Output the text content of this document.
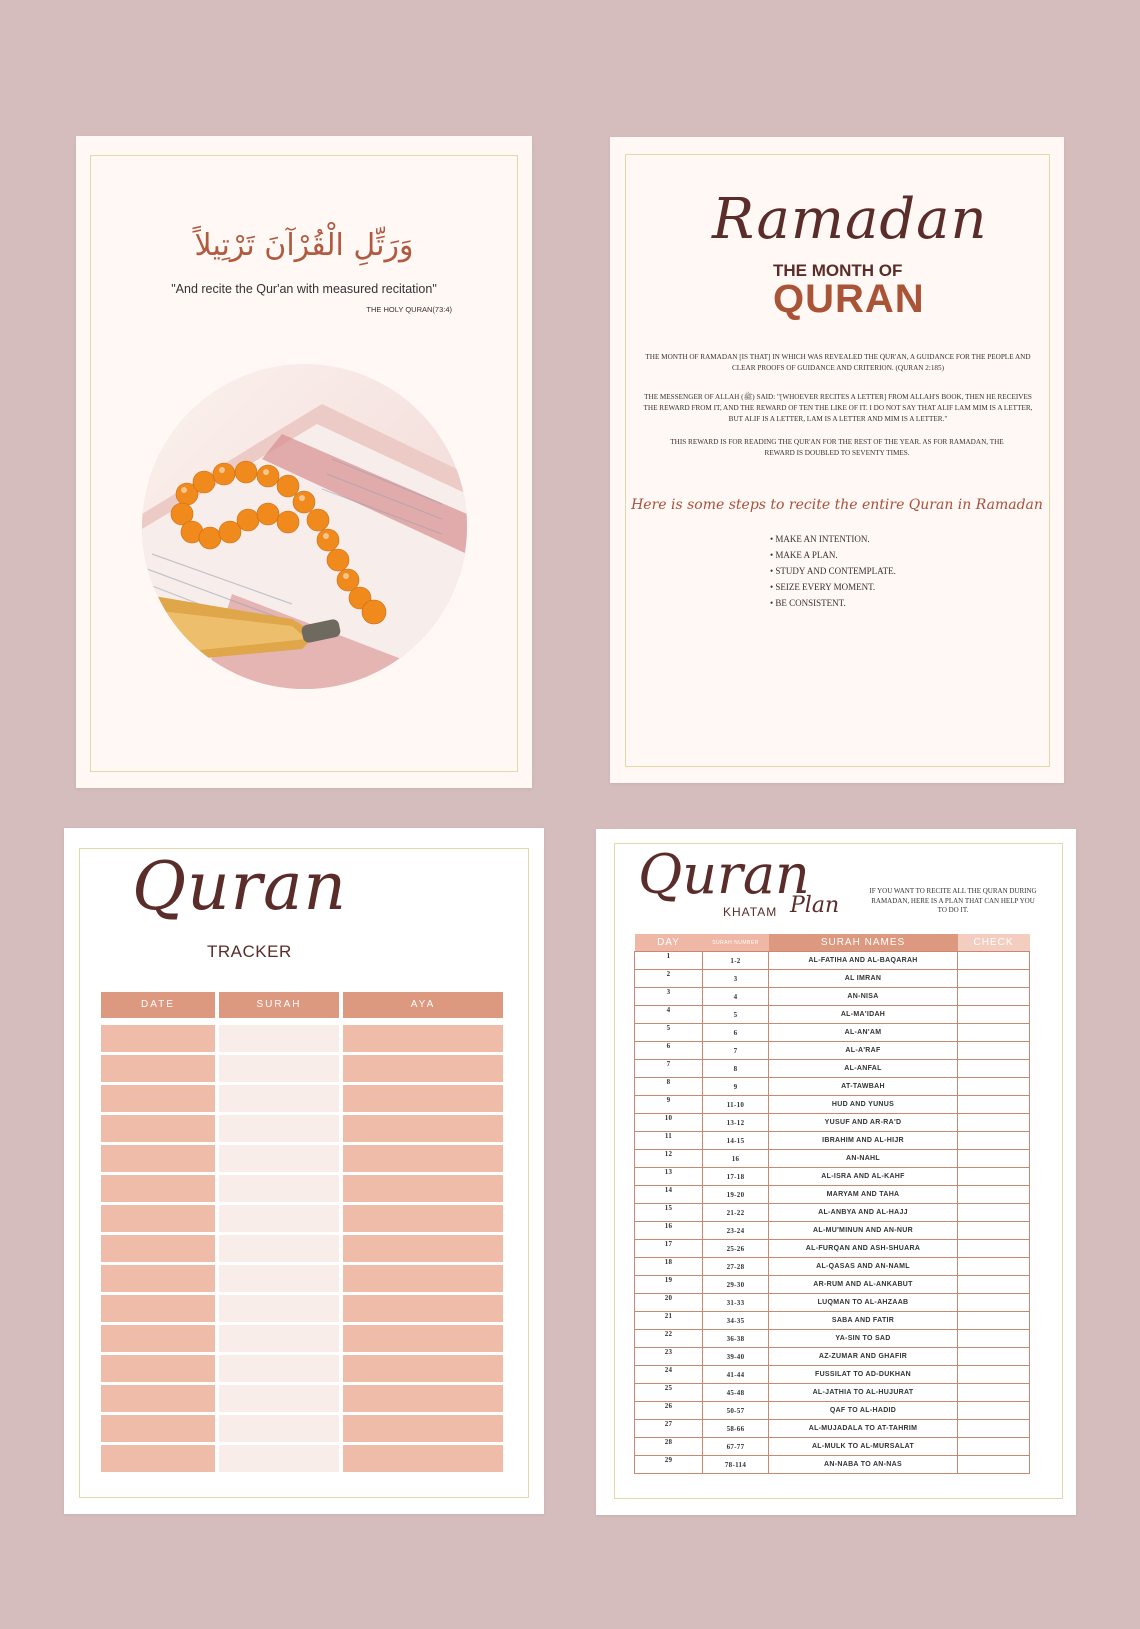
وَرَتِّلِ الْقُرْآنَ تَرْتِيلاً
"And recite the Qur'an with measured recitation"
THE HOLY QURAN(73:4)
Ramadan
THE MONTH OF
QURAN
THE MONTH OF RAMADAN [IS THAT] IN WHICH WAS REVEALED THE QUR'AN, A GUIDANCE FOR THE PEOPLE AND CLEAR PROOFS OF GUIDANCE AND CRITERION. (QURAN 2:185)
THE MESSENGER OF ALLAH (ﷺ) SAID: "[WHOEVER RECITES A LETTER] FROM ALLAH'S BOOK, THEN HE RECEIVES THE REWARD FROM IT, AND THE REWARD OF TEN THE LIKE OF IT. I DO NOT SAY THAT ALIF LAM MIM IS A LETTER, BUT ALIF IS A LETTER, LAM IS A LETTER AND MIM IS A LETTER."
THIS REWARD IS FOR READING THE QUR'AN FOR THE REST OF THE YEAR. AS FOR RAMADAN, THE REWARD IS DOUBLED TO SEVENTY TIMES.
Here is some steps to recite the entire Quran in Ramadan
• MAKE AN INTENTION.
• MAKE A PLAN.
• STUDY AND CONTEMPLATE.
• SEIZE EVERY MOMENT.
• BE CONSISTENT.
Quran
TRACKER
DATE	SURAH	AYA
Quran
KHATAM Plan
IF YOU WANT TO RECITE ALL THE QURAN DURING RAMADAN, HERE IS A PLAN THAT CAN HELP YOU TO DO IT.
DAY	SURAH NUMBER	SURAH NAMES	CHECK
1	1-2	AL-FATIHA AND AL-BAQARAH	
2	3	AL IMRAN	
3	4	AN-NISA	
4	5	AL-MA'IDAH	
5	6	AL-AN'AM	
6	7	AL-A'RAF	
7	8	AL-ANFAL	
8	9	AT-TAWBAH	
9	11-10	HUD AND YUNUS	
10	13-12	YUSUF AND AR-RA'D	
11	14-15	IBRAHIM AND AL-HIJR	
12	16	AN-NAHL	
13	17-18	AL-ISRA AND AL-KAHF	
14	19-20	MARYAM AND TAHA	
15	21-22	AL-ANBYA AND AL-HAJJ	
16	23-24	AL-MU'MINUN AND AN-NUR	
17	25-26	AL-FURQAN AND ASH-SHUARA	
18	27-28	AL-QASAS AND AN-NAML	
19	29-30	AR-RUM AND AL-ANKABUT	
20	31-33	LUQMAN TO AL-AHZAAB	
21	34-35	SABA AND FATIR	
22	36-38	YA-SIN TO SAD	
23	39-40	AZ-ZUMAR AND GHAFIR	
24	41-44	FUSSILAT TO AD-DUKHAN	
25	45-48	AL-JATHIA TO AL-HUJURAT	
26	50-57	QAF TO AL-HADID	
27	58-66	AL-MUJADALA TO AT-TAHRIM	
28	67-77	AL-MULK TO AL-MURSALAT	
29	78-114	AN-NABA TO AN-NAS	
